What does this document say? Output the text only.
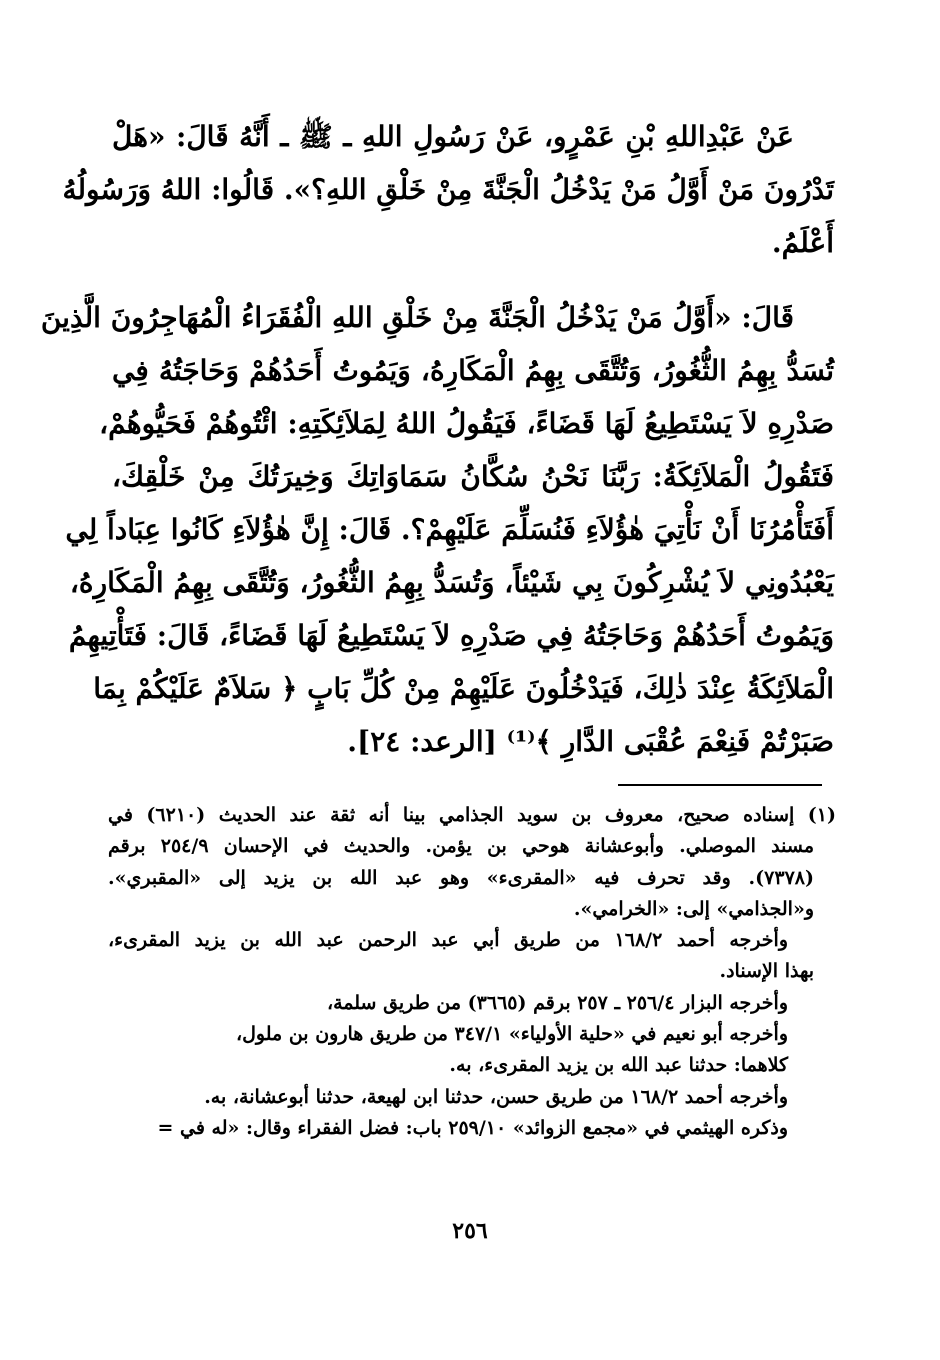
عَنْ عَبْدِاللهِ بْنِ عَمْرٍو، عَنْ رَسُولِ اللهِ ـ ﷺ ـ أَنَّهُ قَالَ: «هَلْ
تَدْرُونَ مَنْ أَوَّلُ مَنْ يَدْخُلُ الْجَنَّةَ مِنْ خَلْقِ اللهِ؟». قَالُوا: اللهُ وَرَسُولُهُ
أَعْلَمُ.

قَالَ: «أَوَّلُ مَنْ يَدْخُلُ الْجَنَّةَ مِنْ خَلْقِ اللهِ الْفُقَرَاءُ الْمُهَاجِرُونَ الَّذِينَ
تُسَدُّ بِهِمُ الثُّغُورُ، وَتُتَّقَى بِهِمُ الْمَكَارِهُ، وَيَمُوتُ أَحَدُهُمْ وَحَاجَتُهُ فِي
صَدْرِهِ لاَ يَسْتَطِيعُ لَهَا قَضَاءً، فَيَقُولُ اللهُ لِمَلاَئِكَتِهِ: ائْتُوهُمْ فَحَيُّوهُمْ،
فَتَقُولُ الْمَلاَئِكَةُ: رَبَّنَا نَحْنُ سُكَّانُ سَمَاوَاتِكَ وَخِيرَتُكَ مِنْ خَلْقِكَ،
أَفَتَأْمُرُنَا أَنْ نَأْتِيَ هٰؤُلاَءِ فَنُسَلِّمَ عَلَيْهِمْ؟. قَالَ: إِنَّ هٰؤُلاَءِ كَانُوا عِبَاداً لِي
يَعْبُدُونِي لاَ يُشْرِكُونَ بِي شَيْئاً، وَتُسَدُّ بِهِمُ الثُّغُورُ، وَتُتَّقَى بِهِمُ الْمَكَارِهُ،
وَيَمُوتُ أَحَدُهُمْ وَحَاجَتُهُ فِي صَدْرِهِ لاَ يَسْتَطِيعُ لَهَا قَضَاءً، قَالَ: فَتَأْتِيهِمُ
الْمَلاَئِكَةُ عِنْدَ ذٰلِكَ، فَيَدْخُلُونَ عَلَيْهِمْ مِنْ كُلِّ بَابٍ ﴿ سَلاَمٌ عَلَيْكُمْ بِمَا
صَبَرْتُمْ فَنِعْمَ عُقْبَى الدَّارِ ﴾⁽¹⁾ [الرعد: ٢٤].

(١) إسناده صحيح، معروف بن سويد الجذامي بينا أنه ثقة عند الحديث (٦٢١٠) في
مسند الموصلي. وأبوعشانة هوحي بن يؤمن. والحديث في الإحسان ٢٥٤/٩ برقم
(٧٣٧٨). وقد تحرف فيه «المقرىء» وهو عبد الله بن يزيد إلى «المقبري».
و«الجذامي» إلى: «الخرامي».
وأخرجه أحمد ١٦٨/٢ من طريق أبي عبد الرحمن عبد الله بن يزيد المقرىء،
بهذا الإسناد.
وأخرجه البزار ٢٥٦/٤ ـ ٢٥٧ برقم (٣٦٦٥) من طريق سلمة،
وأخرجه أبو نعيم في «حلية الأولياء» ٣٤٧/١ من طريق هارون بن ملول،
كلاهما: حدثنا عبد الله بن يزيد المقرىء، به.
وأخرجه أحمد ١٦٨/٢ من طريق حسن، حدثنا ابن لهيعة، حدثنا أبوعشانة، به.
وذكره الهيثمي في «مجمع الزوائد» ٢٥٩/١٠ باب: فضل الفقراء وقال: «له في =
٢٥٦
